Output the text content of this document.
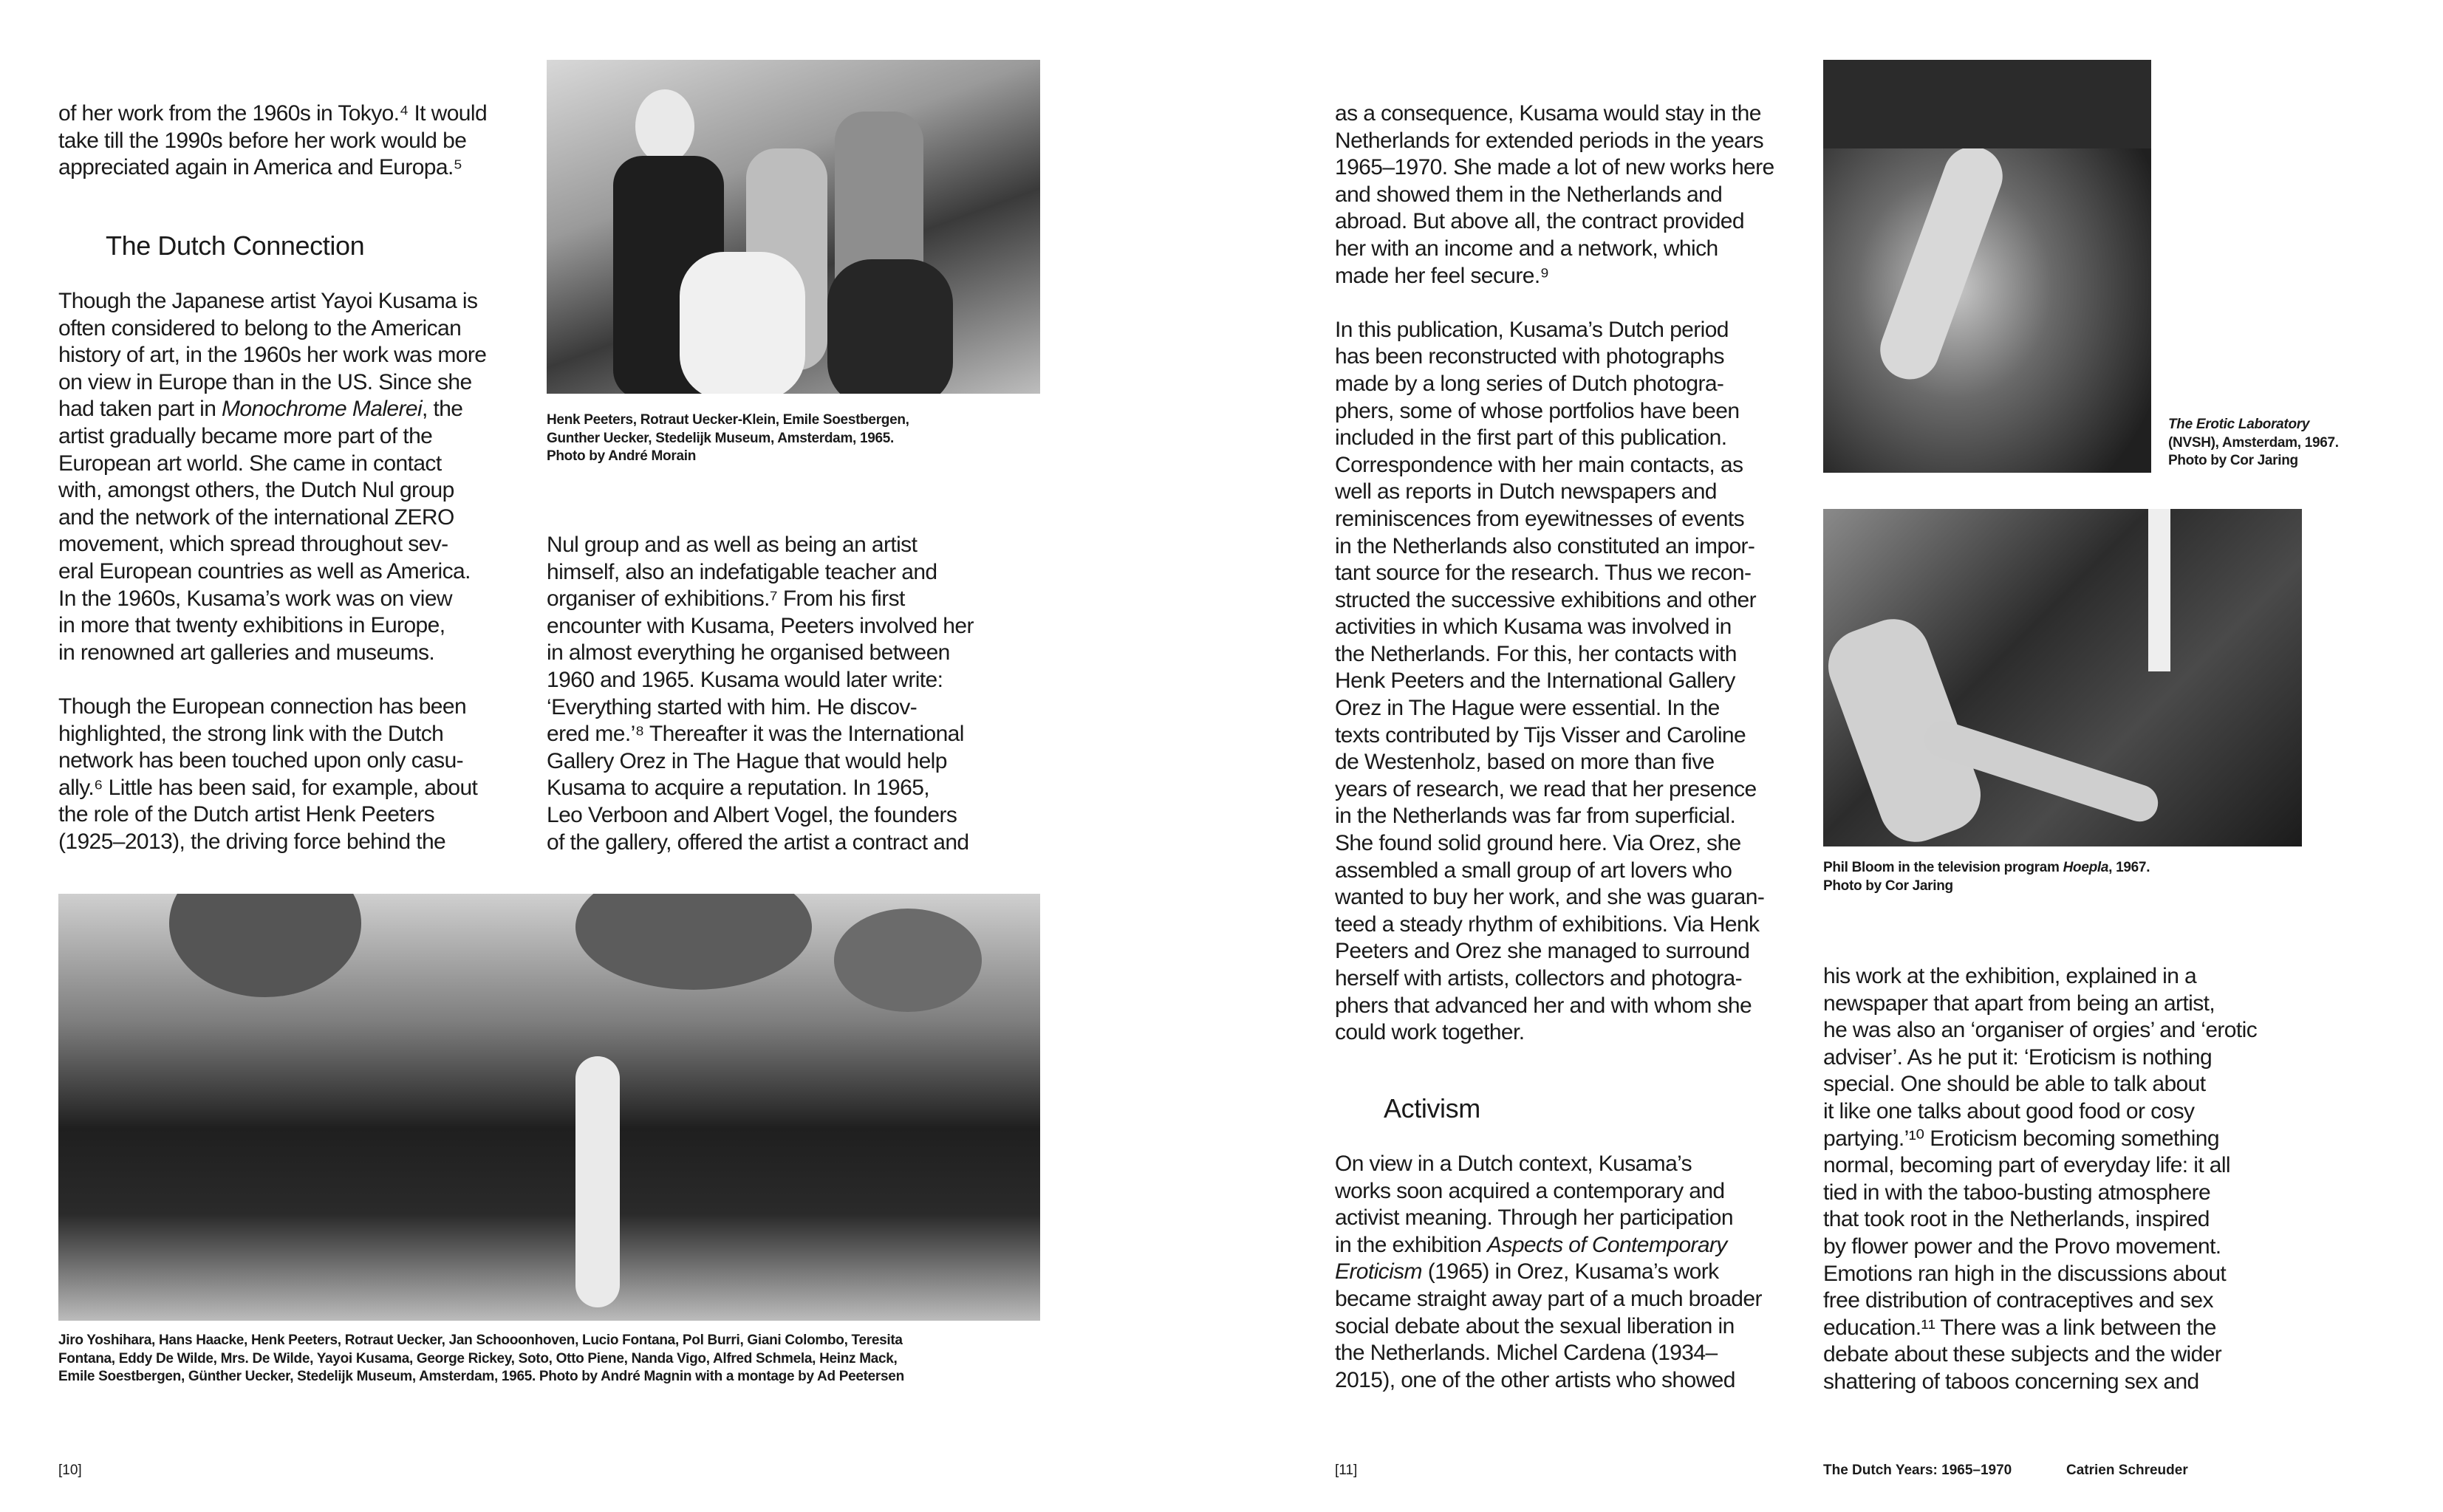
of her work from the 1960s in Tokyo.⁴ It would
take till the 1990s before her work would be
appreciated again in America and Europa.⁵
The Dutch Connection
Though the Japanese artist Yayoi Kusama is
often considered to belong to the American
history of art, in the 1960s her work was more
on view in Europe than in the US. Since she
had taken part in Monochrome Malerei, the
artist gradually became more part of the
European art world. She came in contact
with, amongst others, the Dutch Nul group
and the network of the international ZERO
movement, which spread throughout sev-
eral European countries as well as America.
In the 1960s, Kusama’s work was on view
in more that twenty exhibitions in Europe,
in renowned art galleries and museums.
Though the European connection has been
highlighted, the strong link with the Dutch
network has been touched upon only casu-
ally.⁶ Little has been said, for example, about
the role of the Dutch artist Henk Peeters
(1925–2013), the driving force behind the
Henk Peeters, Rotraut Uecker-Klein, Emile Soestbergen,
Gunther Uecker, Stedelijk Museum, Amsterdam, 1965.
Photo by André Morain
Nul group and as well as being an artist
himself, also an indefatigable teacher and
organiser of exhibitions.⁷ From his first
encounter with Kusama, Peeters involved her
in almost everything he organised between
1960 and 1965. Kusama would later write:
‘Everything started with him. He discov-
ered me.’⁸ Thereafter it was the International
Gallery Orez in The Hague that would help
Kusama to acquire a reputation. In 1965,
Leo Verboon and Albert Vogel, the founders
of the gallery, offered the artist a contract and
Jiro Yoshihara, Hans Haacke, Henk Peeters, Rotraut Uecker, Jan Schooonhoven, Lucio Fontana, Pol Burri, Giani Colombo, Teresita
Fontana, Eddy De Wilde, Mrs. De Wilde, Yayoi Kusama, George Rickey, Soto, Otto Piene, Nanda Vigo, Alfred Schmela, Heinz Mack,
Emile Soestbergen, Günther Uecker, Stedelijk Museum, Amsterdam, 1965. Photo by André Magnin with a montage by Ad Peetersen
[10]
as a consequence, Kusama would stay in the
Netherlands for extended periods in the years
1965–1970. She made a lot of new works here
and showed them in the Netherlands and
abroad. But above all, the contract provided
her with an income and a network, which
made her feel secure.⁹
In this publication, Kusama’s Dutch period
has been reconstructed with photographs
made by a long series of Dutch photogra-
phers, some of whose portfolios have been
included in the first part of this publication.
Correspondence with her main contacts, as
well as reports in Dutch newspapers and
reminiscences from eyewitnesses of events
in the Netherlands also constituted an impor-
tant source for the research. Thus we recon-
structed the successive exhibitions and other
activities in which Kusama was involved in
the Netherlands. For this, her contacts with
Henk Peeters and the International Gallery
Orez in The Hague were essential. In the
texts contributed by Tijs Visser and Caroline
de Westenholz, based on more than five
years of research, we read that her presence
in the Netherlands was far from superficial.
She found solid ground here. Via Orez, she
assembled a small group of art lovers who
wanted to buy her work, and she was guaran-
teed a steady rhythm of exhibitions. Via Henk
Peeters and Orez she managed to surround
herself with artists, collectors and photogra-
phers that advanced her and with whom she
could work together.
Activism
On view in a Dutch context, Kusama’s
works soon acquired a contemporary and
activist meaning. Through her participation
in the exhibition Aspects of Contemporary
Eroticism (1965) in Orez, Kusama’s work
became straight away part of a much broader
social debate about the sexual liberation in
the Netherlands. Michel Cardena (1934–
2015), one of the other artists who showed
The Erotic Laboratory
(NVSH), Amsterdam, 1967.
Photo by Cor Jaring
Phil Bloom in the television program Hoepla, 1967.
Photo by Cor Jaring
his work at the exhibition, explained in a
newspaper that apart from being an artist,
he was also an ‘organiser of orgies’ and ‘erotic
adviser’. As he put it: ‘Eroticism is nothing
special. One should be able to talk about
it like one talks about good food or cosy
partying.’¹⁰ Eroticism becoming something
normal, becoming part of everyday life: it all
tied in with the taboo-busting atmosphere
that took root in the Netherlands, inspired
by flower power and the Provo movement.
Emotions ran high in the discussions about
free distribution of contraceptives and sex
education.¹¹ There was a link between the
debate about these subjects and the wider
shattering of taboos concerning sex and
[11]	The Dutch Years: 1965–1970	Catrien Schreuder
